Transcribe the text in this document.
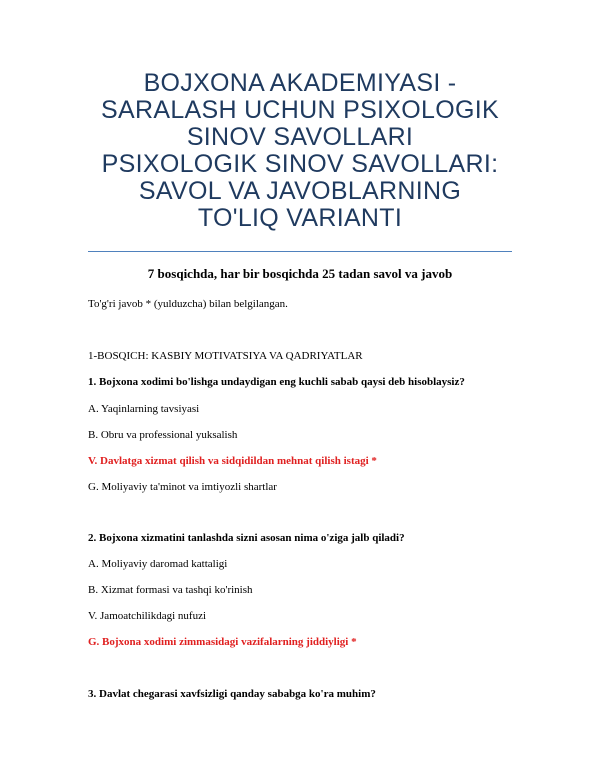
BOJXONA AKADEMIYASI -
SARALASH UCHUN PSIXOLOGIK
SINOV SAVOLLARI
PSIXOLOGIK SINOV SAVOLLARI:
SAVOL VA JAVOBLARNING
TO'LIQ VARIANTI
7 bosqichda, har bir bosqichda 25 tadan savol va javob
To'g'ri javob * (yulduzcha) bilan belgilangan.
1-BOSQICH: KASBIY MOTIVATSIYA VA QADRIYATLAR
1. Bojxona xodimi bo'lishga undaydigan eng kuchli sabab qaysi deb hisoblaysiz?
A. Yaqinlarning tavsiyasi
B. Obru va professional yuksalish
V. Davlatga xizmat qilish va sidqidildan mehnat qilish istagi *
G. Moliyaviy ta'minot va imtiyozli shartlar
2. Bojxona xizmatini tanlashda sizni asosan nima o'ziga jalb qiladi?
A. Moliyaviy daromad kattaligi
B. Xizmat formasi va tashqi ko'rinish
V. Jamoatchilikdagi nufuzi
G. Bojxona xodimi zimmasidagi vazifalarning jiddiyligi *
3. Davlat chegarasi xavfsizligi qanday sababga ko'ra muhim?
